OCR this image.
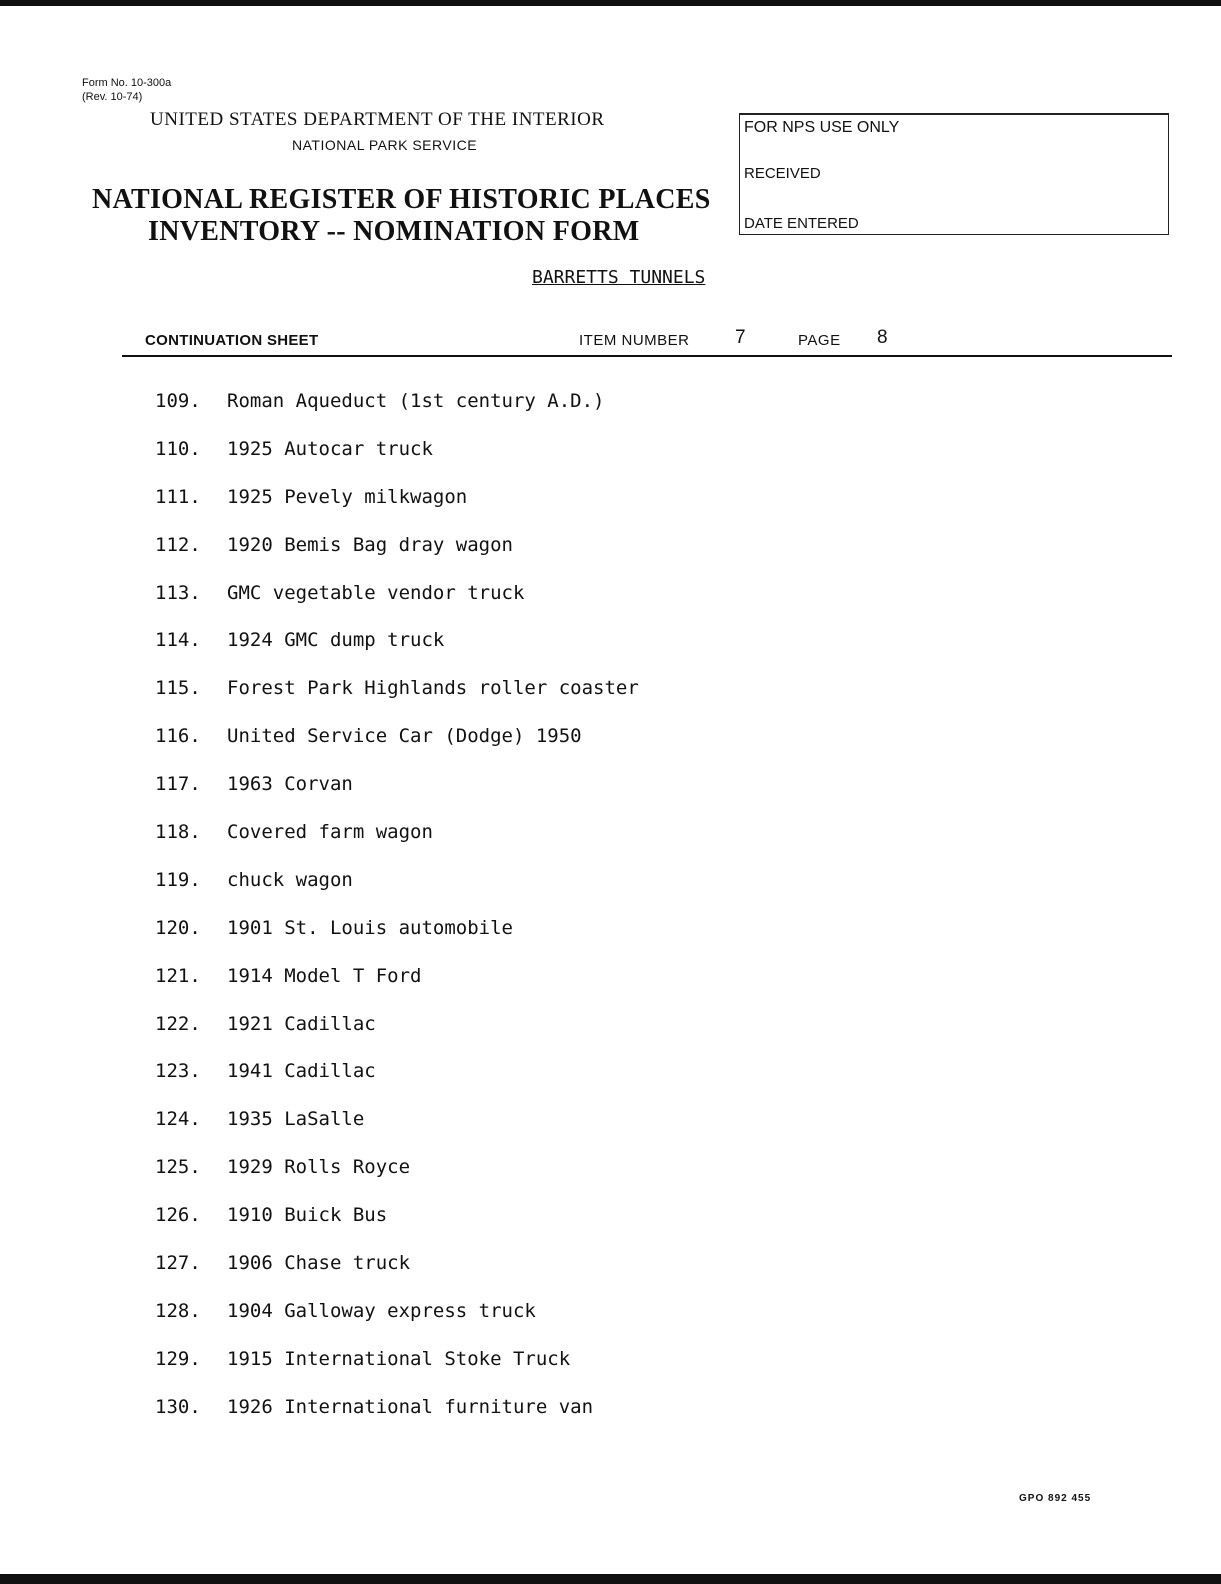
Form No. 10-300a
(Rev. 10-74)
UNITED STATES DEPARTMENT OF THE INTERIOR
NATIONAL PARK SERVICE
NATIONAL REGISTER OF HISTORIC PLACES
INVENTORY -- NOMINATION FORM
FOR NPS USE ONLY
RECEIVED
DATE ENTERED
BARRETTS TUNNELS
CONTINUATION SHEET	ITEM NUMBER 7	PAGE 8
109. Roman Aqueduct (1st century A.D.)
110. 1925 Autocar truck
111. 1925 Pevely milkwagon
112. 1920 Bemis Bag dray wagon
113. GMC vegetable vendor truck
114. 1924 GMC dump truck
115. Forest Park Highlands roller coaster
116. United Service Car (Dodge) 1950
117. 1963 Corvan
118. Covered farm wagon
119. chuck wagon
120. 1901 St. Louis automobile
121. 1914 Model T Ford
122. 1921 Cadillac
123. 1941 Cadillac
124. 1935 LaSalle
125. 1929 Rolls Royce
126. 1910 Buick Bus
127. 1906 Chase truck
128. 1904 Galloway express truck
129. 1915 International Stoke Truck
130. 1926 International furniture van
GPO 892 455
